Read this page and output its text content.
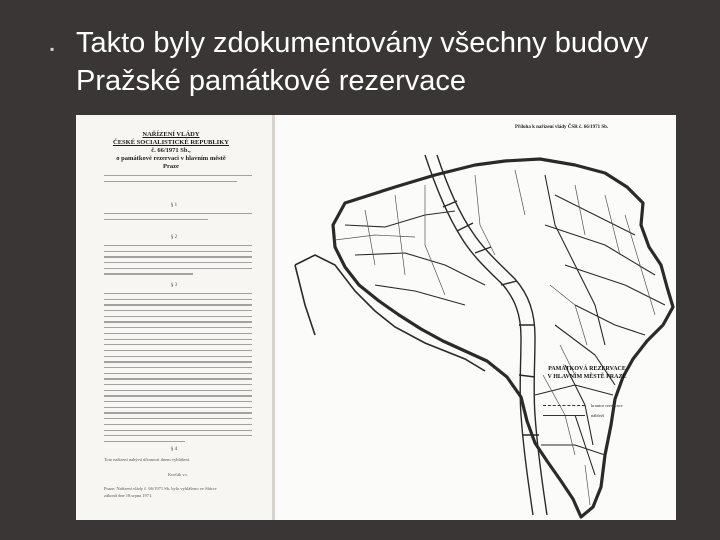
▪ Takto byly zdokumentovány všechny budovy Pražské památkové rezervace
NAŘÍZENÍ VLÁDY
ČESKÉ SOCIALISTICKÉ REPUBLIKY
č. 66/1971 Sb.,
o památkové rezervaci v hlavním městě
Praze
§ 1
§ 2
§ 3
§ 4
Toto nařízení nabývá účinnosti dnem vyhlášení.
Korčák v.r.
Praze: Nařízení vlády č. 66/1971 Sb. bylo vyhlášeno ve Sbírce
zákonů dne 18.srpna 1971.
Příloha k nařízení vlády ČSR č. 66/1971 Sb.
PAMÁTKOVÁ REZERVACE
V HLAVNÍM MĚSTĚ PRAZE
hranice rezervace
nábřeží
